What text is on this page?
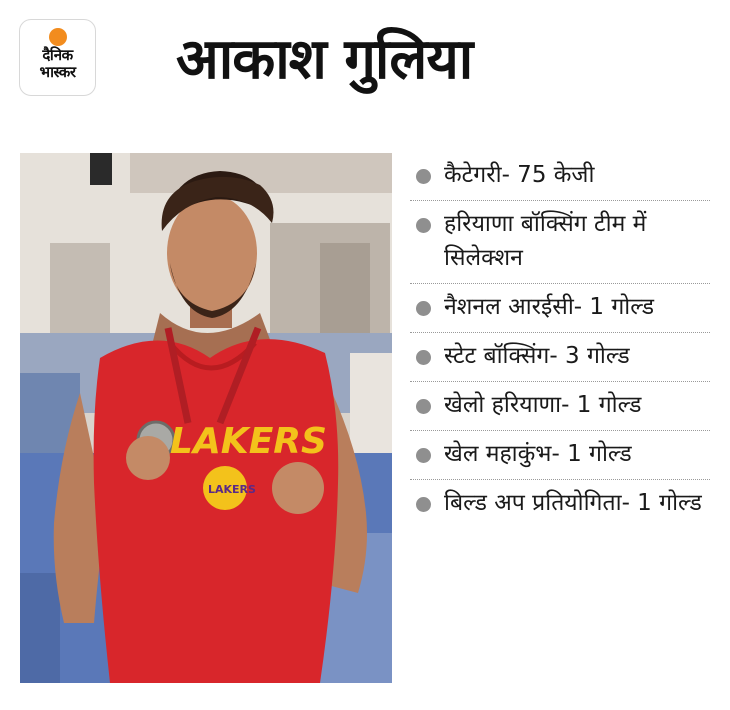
दैनिक
भास्कर आकाश गुलिया
LAKERS
LAKERS
कैटेगरी- 75 केजी
हरियाणा बॉक्सिंग टीम में सिलेक्शन
नैशनल आरईसी- 1 गोल्ड
स्टेट बॉक्सिंग- 3 गोल्ड
खेलो हरियाणा- 1 गोल्ड
खेल महाकुंभ- 1 गोल्ड
बिल्ड अप प्रतियोगिता- 1 गोल्ड
